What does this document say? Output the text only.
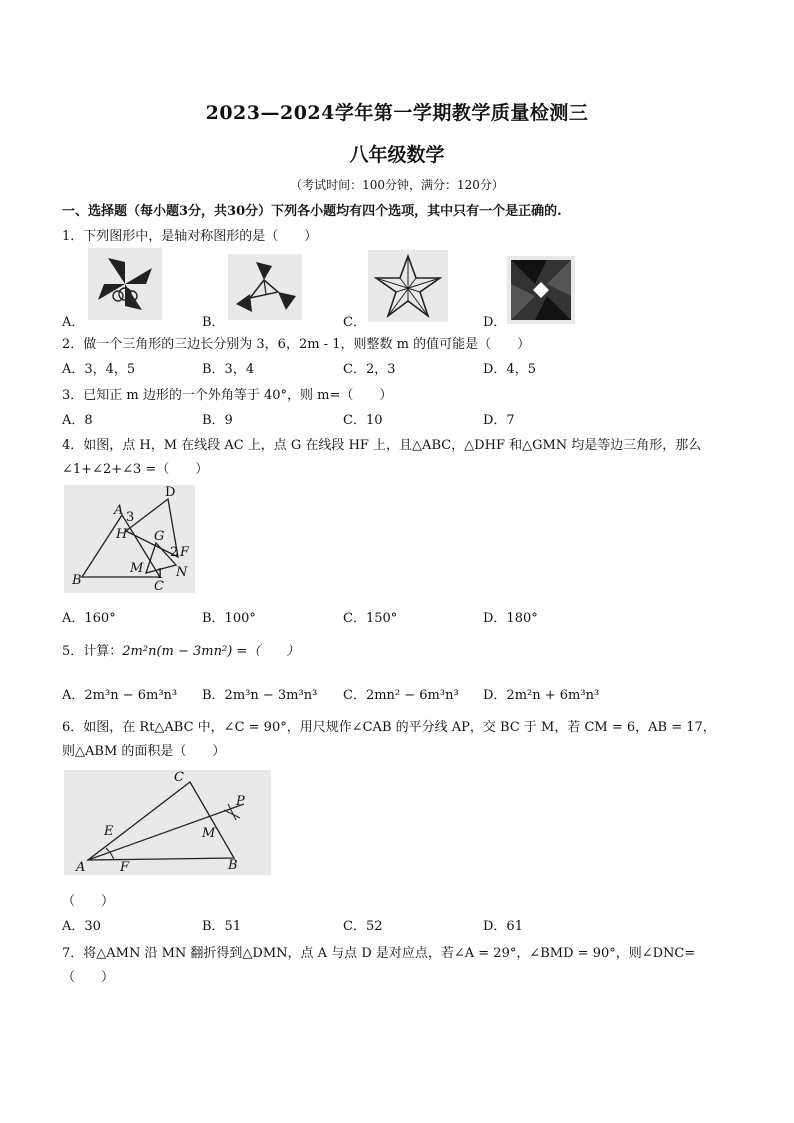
2023—2024学年第一学期教学质量检测三
八年级数学
（考试时间：100分钟，满分：120分）
一、选择题（每小题3分，共30分）下列各小题均有四个选项，其中只有一个是正确的.
1．下列图形中，是轴对称图形的是（　　）
A．	B．	C．	D．
2．做一个三角形的三边长分别为 3，6，2m - 1，则整数 m 的值可能是（　　）
A．3，4，5	B．3，4	C．2，3	D．4，5
3．已知正 m 边形的一个外角等于 40°，则 m=（　　）
A．8	B．9	C．10	D．7
4．如图，点 H，M 在线段 AC 上，点 G 在线段 HF 上，且△ABC，△DHF 和△GMN 均是等边三角形，那么
∠1+∠2+∠3 =（　　）
D
A 3
H G
2 F
M	N
1
B	C
A．160°	B．100°	C．150°	D．180°
5．计算：2m²n(m − 3mn²) =（　　）
A．2m³n − 6m³n³ B．2m³n − 3m³n³ C．2mn² − 6m³n³ D．2m²n + 6m³n³
6．如图，在 Rt△ABC 中，∠C = 90°，用尺规作∠CAB 的平分线 AP，交 BC 于 M，若 CM = 6，AB = 17，
则△ABM 的面积是（　　）
C
P
E	M
A	F	B
（　　）
A．30	B．51	C．52	D．61
7．将△AMN 沿 MN 翻折得到△DMN，点 A 与点 D 是对应点，若∠A = 29°，∠BMD = 90°，则∠DNC=
（　　）
